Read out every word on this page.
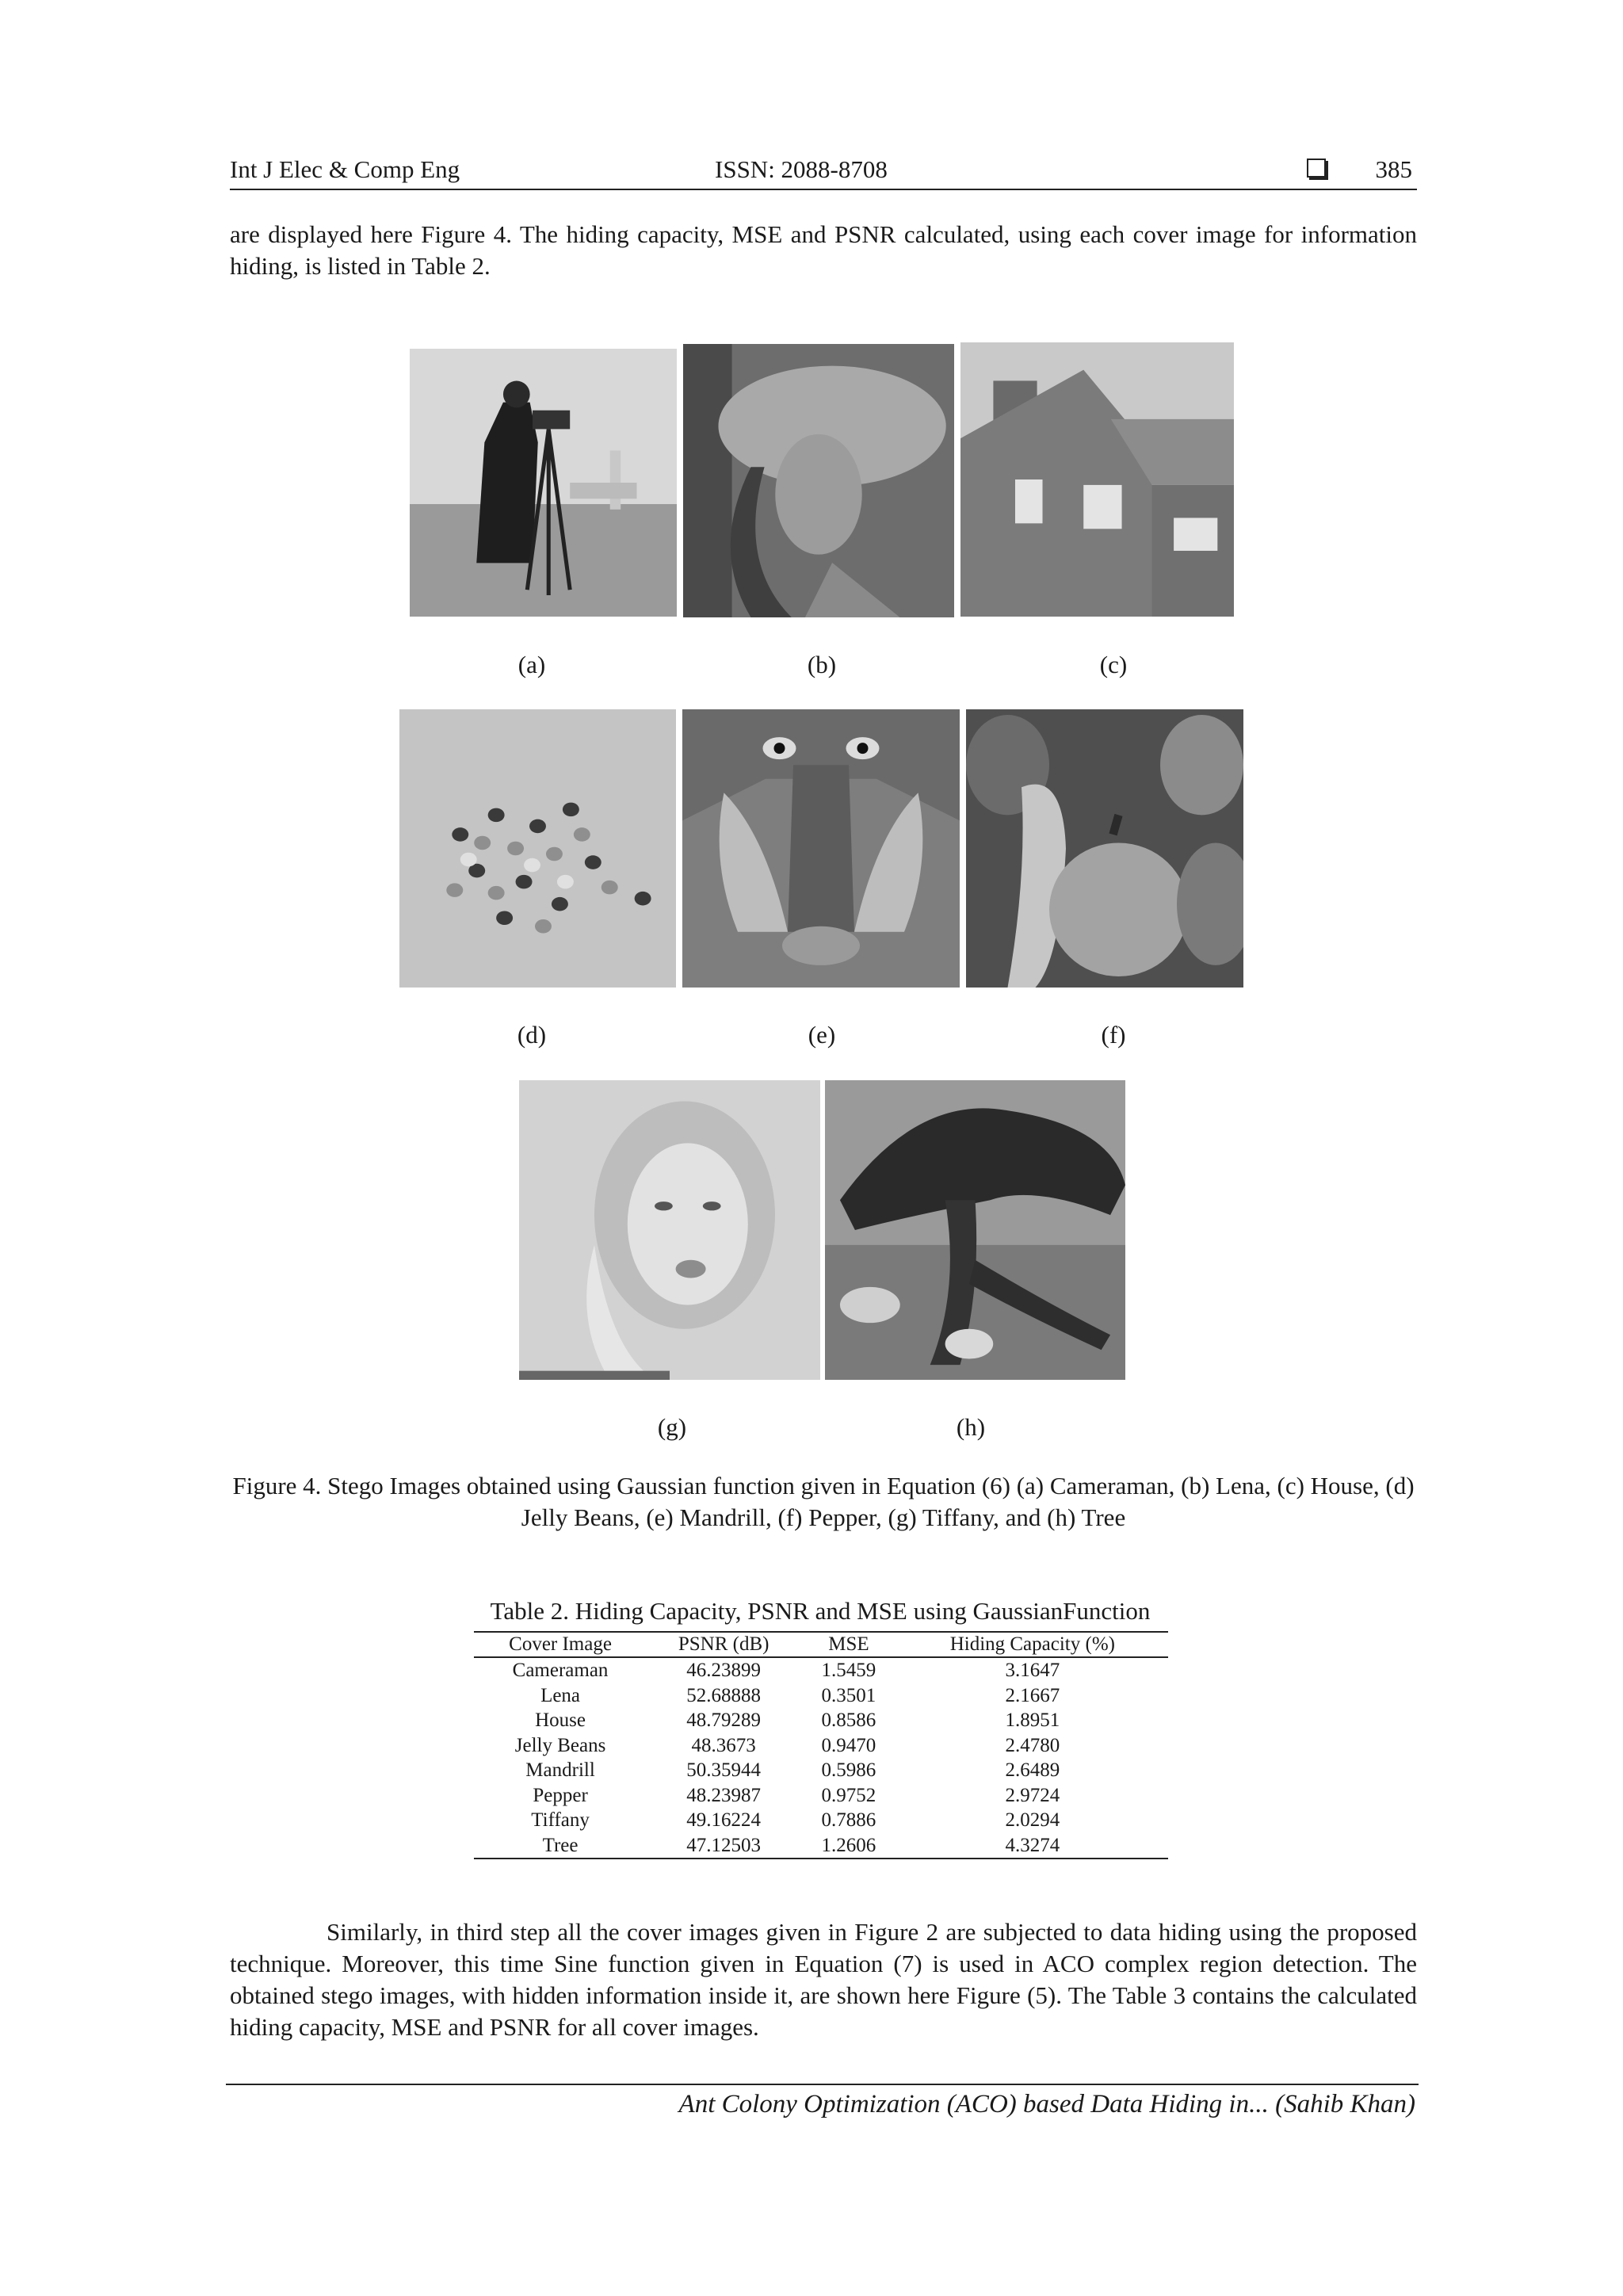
Int J Elec & Comp Eng	ISSN: 2088-8708	385

are displayed here Figure 4. The hiding capacity, MSE and PSNR calculated, using each cover image for information hiding, is listed in Table 2.

(a)	(b)	(c)
(d)	(e)	(f)
(g)	(h)
Figure 4. Stego Images obtained using Gaussian function given in Equation (6) (a) Cameraman, (b) Lena, (c) House, (d) Jelly Beans, (e) Mandrill, (f) Pepper, (g) Tiffany, and (h) Tree
Table 2. Hiding Capacity, PSNR and MSE using GaussianFunction
Cover Image	PSNR (dB)	MSE	Hiding Capacity (%)
Cameraman	46.23899	1.5459	3.1647
Lena	52.68888	0.3501	2.1667
House	48.79289	0.8586	1.8951
Jelly Beans	48.3673	0.9470	2.4780
Mandrill	50.35944	0.5986	2.6489
Pepper	48.23987	0.9752	2.9724
Tiffany	49.16224	0.7886	2.0294
Tree	47.12503	1.2606	4.3274

Similarly, in third step all the cover images given in Figure 2 are subjected to data hiding using the proposed technique. Moreover, this time Sine function given in Equation (7) is used in ACO complex region detection. The obtained stego images, with hidden information inside it, are shown here Figure (5). The Table 3 contains the calculated hiding capacity, MSE and PSNR for all cover images.

Ant Colony Optimization (ACO) based Data Hiding in... (Sahib Khan)
